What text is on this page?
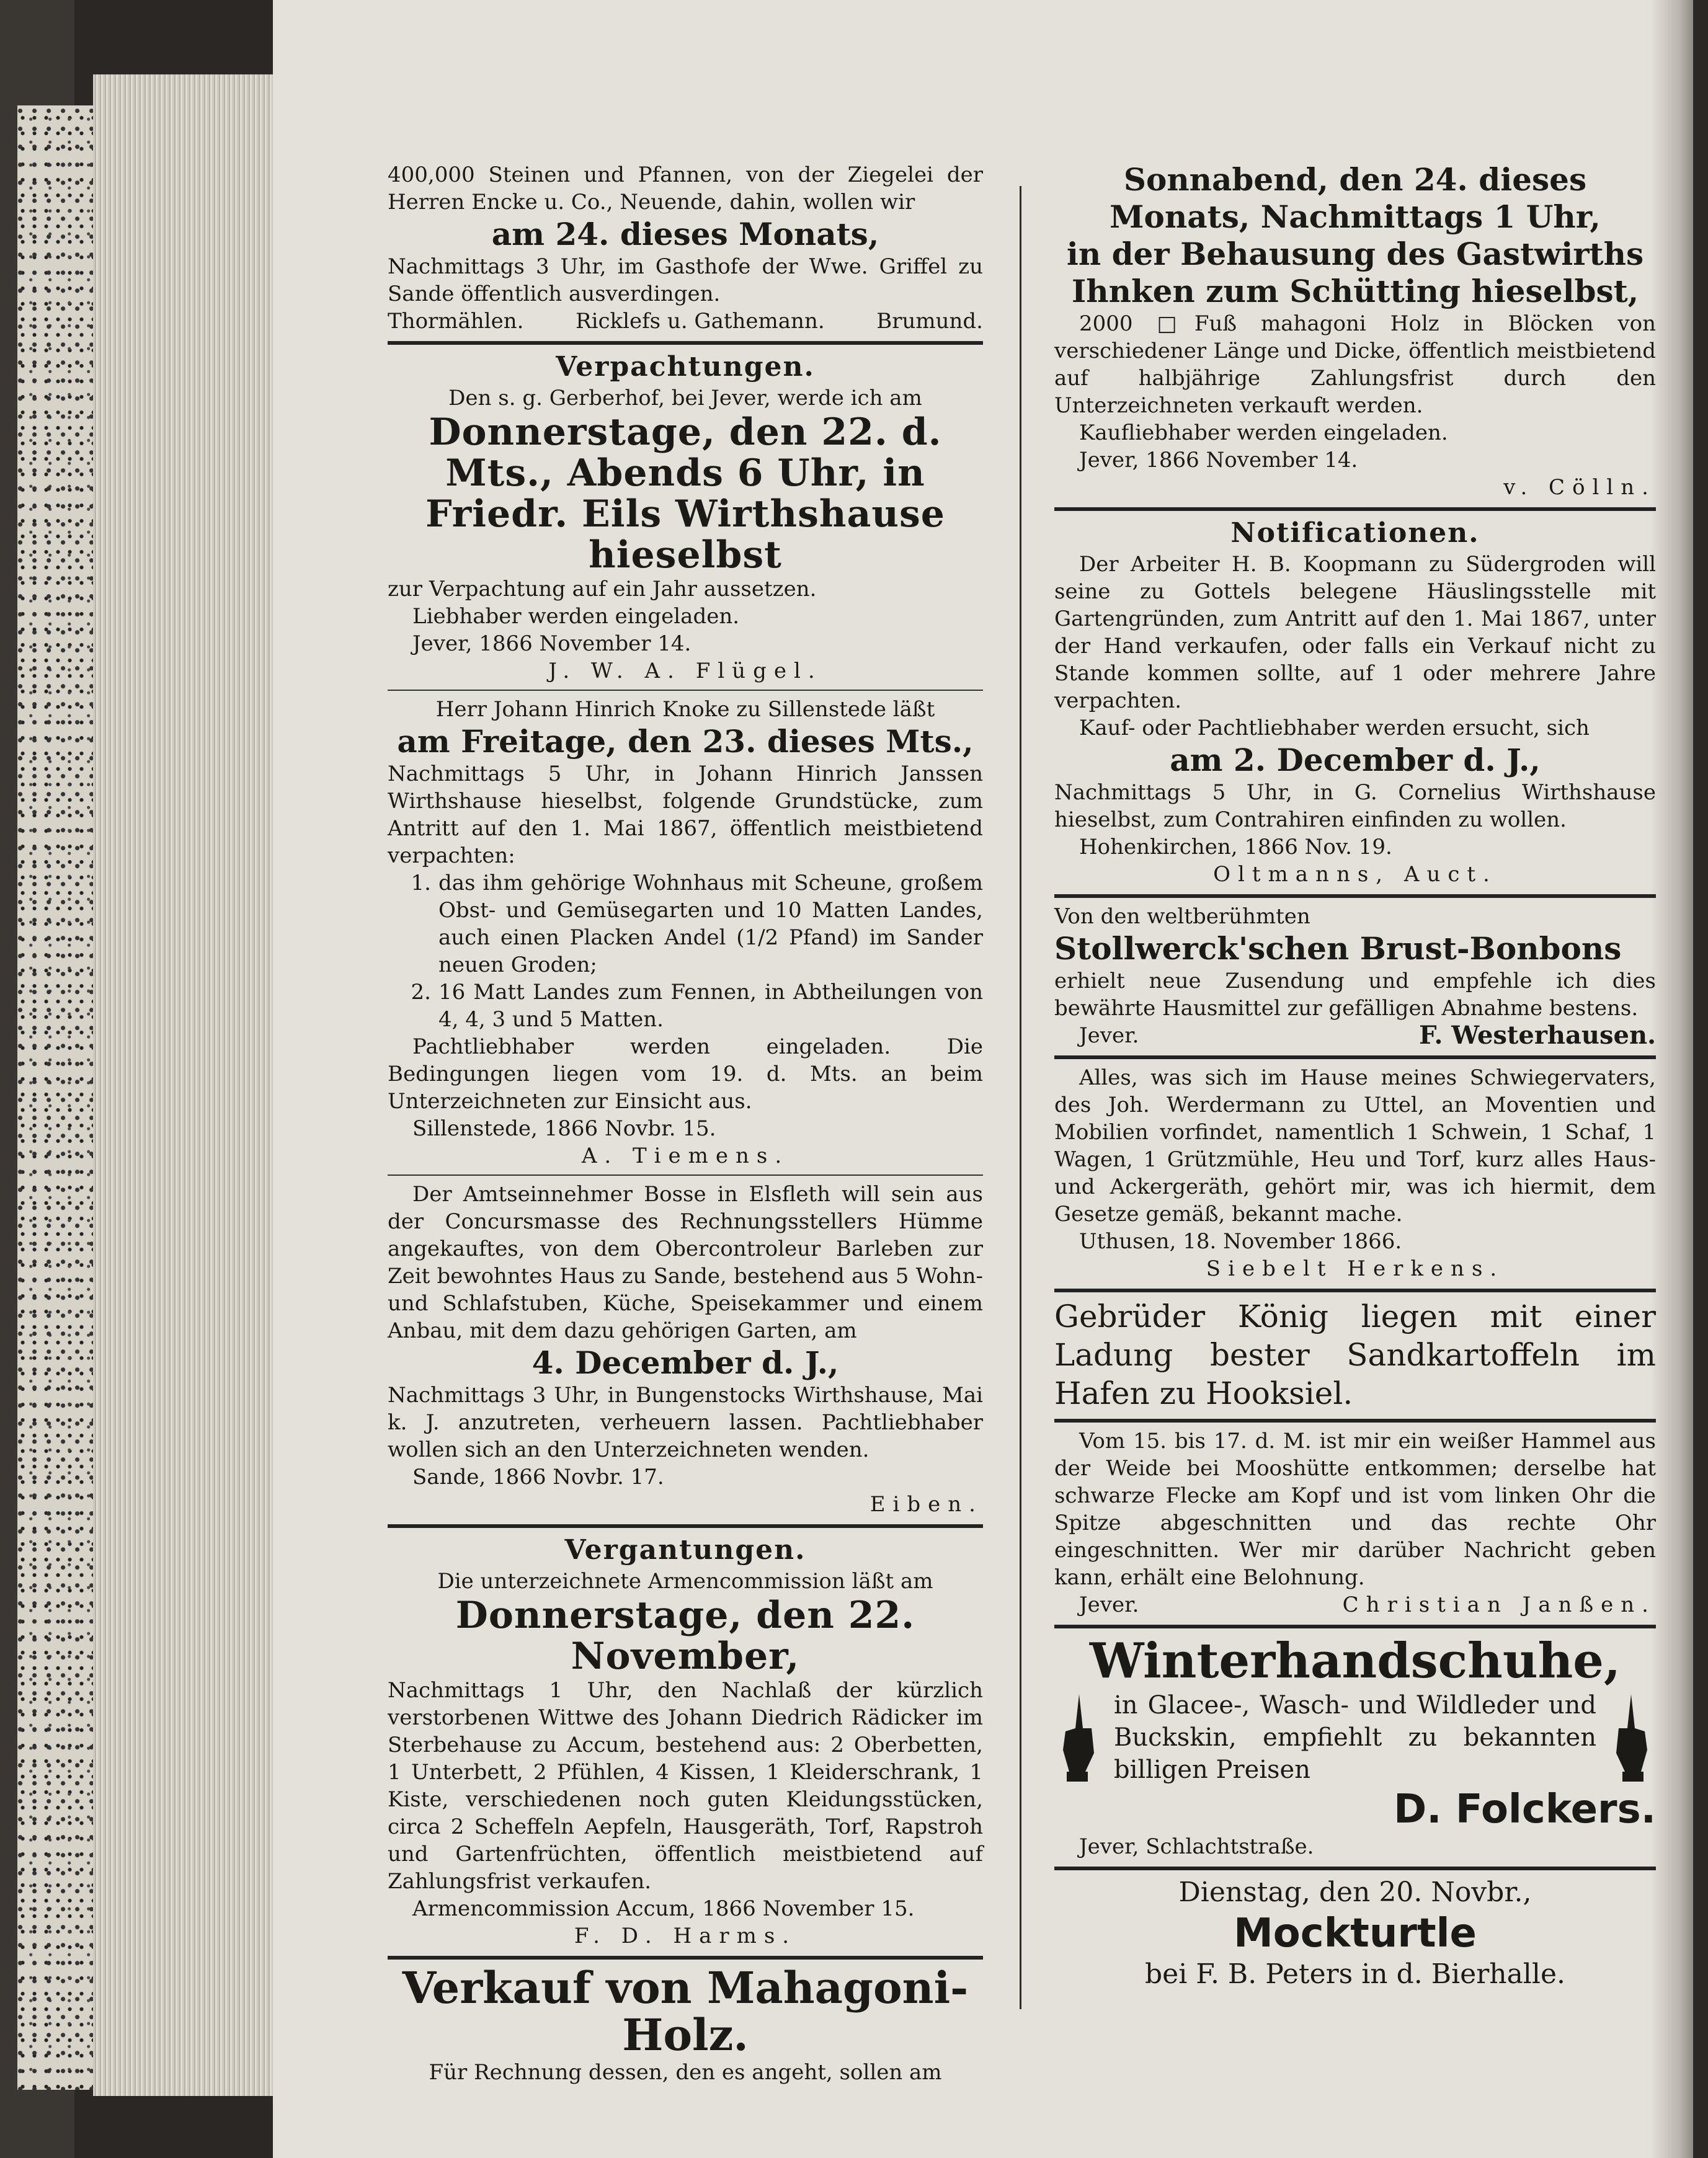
400,000 Steinen und Pfannen, von der Ziegelei der Herren Encke u. Co., Neuende, dahin, wollen wir

am 24. dieses Monats,

Nachmittags 3 Uhr, im Gasthofe der Wwe. Griffel zu Sande öffentlich ausverdingen.

Thormählen. Ricklefs u. Gathemann. Brumund.

Verpachtungen.

Den s. g. Gerberhof, bei Jever, werde ich am

Donnerstage, den 22. d. Mts., Abends 6 Uhr, in Friedr. Eils Wirthshause hieselbst

zur Verpachtung auf ein Jahr aussetzen.

Liebhaber werden eingeladen.

Jever, 1866 November 14.

J. W. A. Flügel.

Herr Johann Hinrich Knoke zu Sillenstede läßt

am Freitage, den 23. dieses Mts.,

Nachmittags 5 Uhr, in Johann Hinrich Janssen Wirthshause hieselbst, folgende Grundstücke, zum Antritt auf den 1. Mai 1867, öffentlich meistbietend verpachten:

1. das ihm gehörige Wohnhaus mit Scheune, großem Obst- und Gemüsegarten und 10 Matten Landes, auch einen Placken Andel (1/2 Pfand) im Sander neuen Groden;
2. 16 Matt Landes zum Fennen, in Abtheilungen von 4, 4, 3 und 5 Matten.

Pachtliebhaber werden eingeladen. Die Bedingungen liegen vom 19. d. Mts. an beim Unterzeichneten zur Einsicht aus.

Sillenstede, 1866 Novbr. 15.

A. Tiemens.

Der Amtseinnehmer Bosse in Elsfleth will sein aus der Concursmasse des Rechnungsstellers Hümme angekauftes, von dem Obercontroleur Barleben zur Zeit bewohntes Haus zu Sande, bestehend aus 5 Wohn- und Schlafstuben, Küche, Speisekammer und einem Anbau, mit dem dazu gehörigen Garten, am

4. December d. J.,

Nachmittags 3 Uhr, in Bungenstocks Wirthshause, Mai k. J. anzutreten, verheuern lassen. Pachtliebhaber wollen sich an den Unterzeichneten wenden.

Sande, 1866 Novbr. 17.

Eiben.

Vergantungen.

Die unterzeichnete Armencommission läßt am

Donnerstage, den 22. November,

Nachmittags 1 Uhr, den Nachlaß der kürzlich verstorbenen Wittwe des Johann Diedrich Rädicker im Sterbehause zu Accum, bestehend aus: 2 Oberbetten, 1 Unterbett, 2 Pfühlen, 4 Kissen, 1 Kleiderschrank, 1 Kiste, verschiedenen noch guten Kleidungsstücken, circa 2 Scheffeln Aepfeln, Hausgeräth, Torf, Rapstroh und Gartenfrüchten, öffentlich meistbietend auf Zahlungsfrist verkaufen.

Armencommission Accum, 1866 November 15.

F. D. Harms.

Verkauf von Mahagoni-Holz.

Für Rechnung dessen, den es angeht, sollen am

Sonnabend, den 24. dieses Monats, Nachmittags 1 Uhr,

in der Behausung des Gastwirths Ihnken zum Schütting hieselbst,

2000 □Fuß mahagoni Holz in Blöcken von verschiedener Länge und Dicke, öffentlich meistbietend auf halbjährige Zahlungsfrist durch den Unterzeichneten verkauft werden.

Kaufliebhaber werden eingeladen.

Jever, 1866 November 14.

v. Cölln.

Notificationen.

Der Arbeiter H. B. Koopmann zu Südergroden will seine zu Gottels belegene Häuslingsstelle mit Gartengründen, zum Antritt auf den 1. Mai 1867, unter der Hand verkaufen, oder falls ein Verkauf nicht zu Stande kommen sollte, auf 1 oder mehrere Jahre verpachten.

Kauf- oder Pachtliebhaber werden ersucht, sich

am 2. December d. J.,

Nachmittags 5 Uhr, in G. Cornelius Wirthshause hieselbst, zum Contrahiren einfinden zu wollen.

Hohenkirchen, 1866 Nov. 19.

Oltmanns, Auct.

Von den weltberühmten

Stollwerck'schen Brust-Bonbons

erhielt neue Zusendung und empfehle ich dies bewährte Hausmittel zur gefälligen Abnahme bestens.

Jever.	F. Westerhausen.

Alles, was sich im Hause meines Schwiegervaters, des Joh. Werdermann zu Uttel, an Moventien und Mobilien vorfindet, namentlich 1 Schwein, 1 Schaf, 1 Wagen, 1 Grützmühle, Heu und Torf, kurz alles Haus- und Ackergeräth, gehört mir, was ich hiermit, dem Gesetze gemäß, bekannt mache.

Uthusen, 18. November 1866.

Siebelt Herkens.

Gebrüder König liegen mit einer Ladung bester Sandkartoffeln im Hafen zu Hooksiel.

Vom 15. bis 17. d. M. ist mir ein weißer Hammel aus der Weide bei Mooshütte entkommen; derselbe hat schwarze Flecke am Kopf und ist vom linken Ohr die Spitze abgeschnitten und das rechte Ohr eingeschnitten. Wer mir darüber Nachricht geben kann, erhält eine Belohnung.

Jever.	Christian Janßen.

Winterhandschuhe,

in Glacee-, Wasch- und Wildleder und Buckskin, empfiehlt zu bekannten billigen Preisen

D. Folckers.

Jever, Schlachtstraße.

Dienstag, den 20. Novbr.,

Mockturtle

bei F. B. Peters in d. Bierhalle.
